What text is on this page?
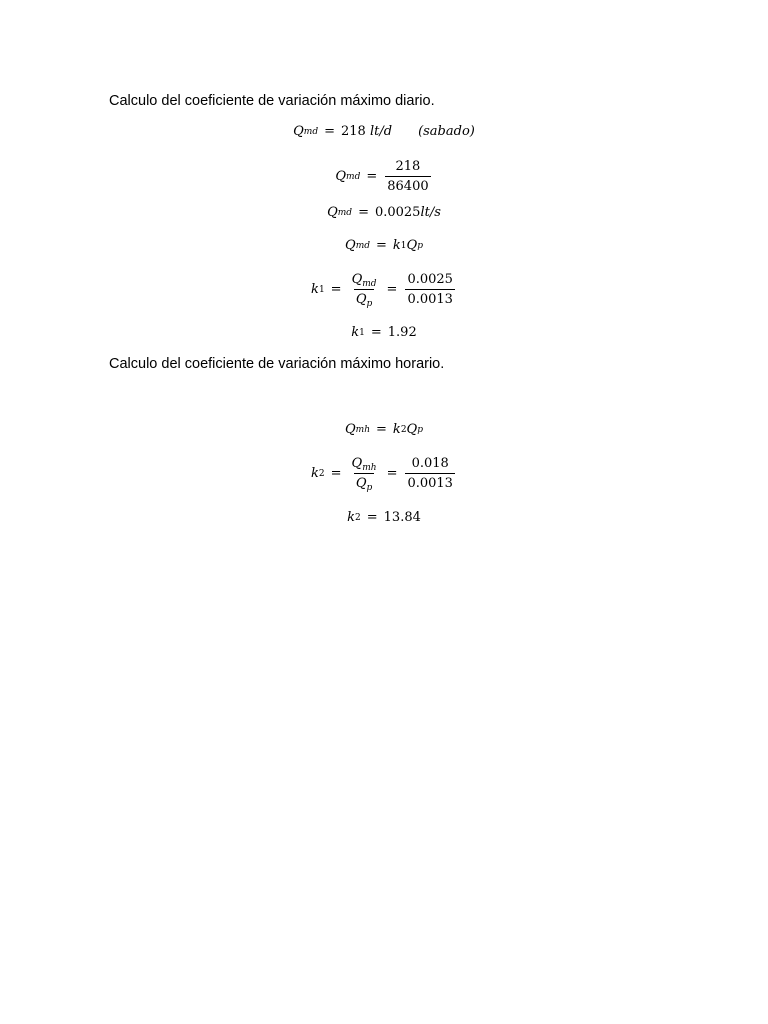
Calculo del coeficiente de variación máximo diario.
Q md = 218
lt/d (sabado)
Q md = $\frac{218}{86400}$
Q md = 0.0025 lt/s
Q md = k 1 Q p
k $1 = \frac{Q_{md}}{Q_p} = \frac{0.0025}{0.0013}$
k 1 = 1.92
Calculo del coeficiente de variación máximo horario.
Q mh = k 2 Q p
k $2 = \frac{Q_{mh}}{Q_p} = \frac{0.018}{0.0013}$
k 2 = 13.84
